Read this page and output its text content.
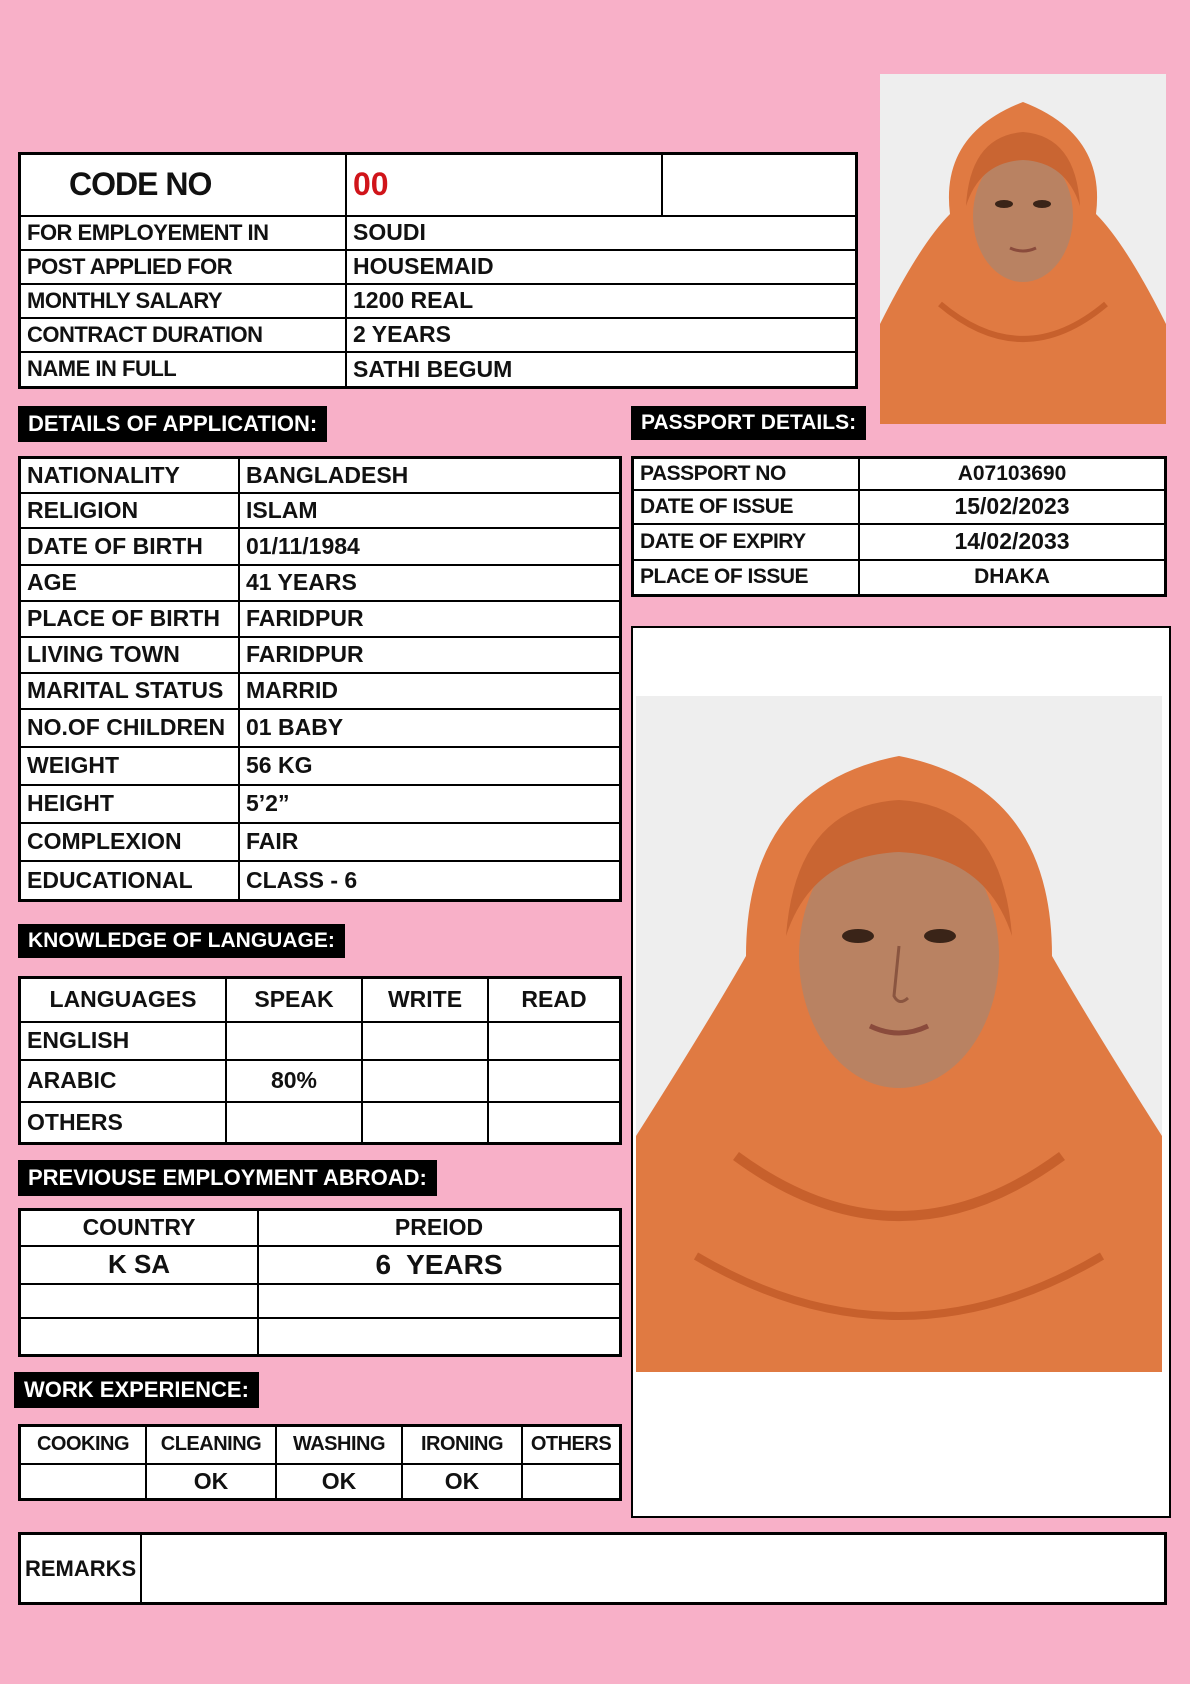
CODE NO	00	
FOR EMPLOYEMENT IN	SOUDI	
POST APPLIED FOR	HOUSEMAID	
MONTHLY SALARY	1200 REAL	
CONTRACT DURATION	2 YEARS	
NAME IN FULL	SATHI BEGUM	
DETAILS OF APPLICATION:	PASSPORT DETAILS:
NATIONALITY	BANGLADESH
RELIGION	ISLAM
DATE OF BIRTH	01/11/1984
AGE	41 YEARS
PLACE OF BIRTH	FARIDPUR
LIVING TOWN	FARIDPUR
MARITAL STATUS	MARRID
NO.OF CHILDREN	01 BABY
WEIGHT	56 KG
HEIGHT	5’2”
COMPLEXION	FAIR
EDUCATIONAL	CLASS - 6
PASSPORT NO	A07103690
DATE OF ISSUE	15/02/2023
DATE OF EXPIRY	14/02/2033
PLACE OF ISSUE	DHAKA
KNOWLEDGE OF LANGUAGE:
LANGUAGES	SPEAK	WRITE	READ
ENGLISH			
ARABIC	80%		
OTHERS			
PREVIOUSE EMPLOYMENT ABROAD:
COUNTRY	PREIOD
K SA	6  YEARS

WORK EXPERIENCE:
COOKING	CLEANING	WASHING	IRONING	OTHERS
	OK	OK	OK	
REMARKS	
